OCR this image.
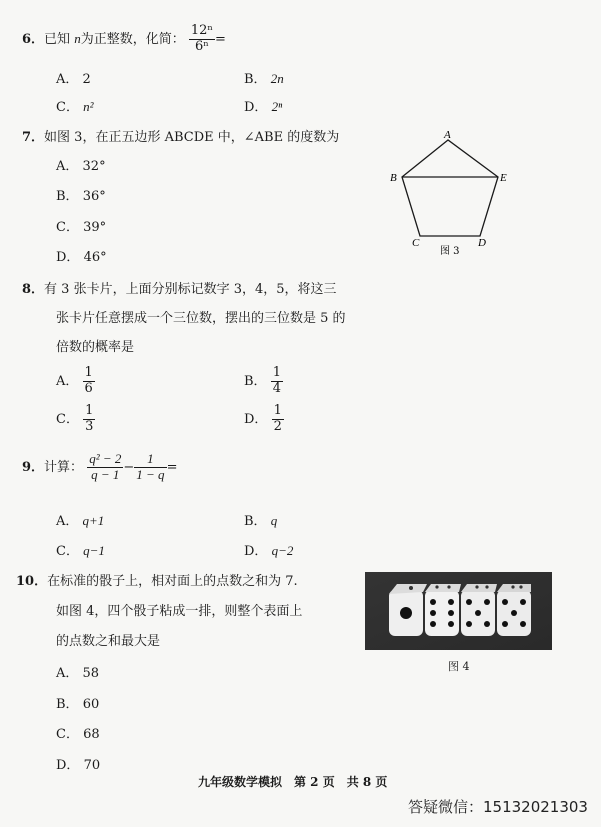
6．已知 n为正整数，化简： $\frac{\text{12ⁿ}}{\text{6ⁿ}}$ =
A． 2	B． 2n
C． n²	D． 2ⁿ
7．如图 3，在正五边形 ABCDE 中，∠ABE 的度数为
A． 32°
B． 36°
C． 39°
D． 46°
A
B	E
C	D
图 3
8．有 3 张卡片，上面分别标记数字 3，4，5，将这三
张卡片任意摆成一个三位数，摆出的三位数是 5 的
倍数的概率是
A． $\frac{1}{6}$	B． $\frac{1}{4}$
C． $\frac{1}{3}$	D． $\frac{1}{2}$
9．计算： $\frac{\text{q² − 2}}{q - 1} - \frac{1}{1 - q}$ =
A． q+1	B． q
C． q−1	D． q−2
10．在标准的骰子上，相对面上的点数之和为 7.
如图 4，四个骰子粘成一排，则整个表面上
的点数之和最大是
A． 58
B． 60
C． 68
D． 70
图 4
九年级数学模拟　第 2 页　共 8 页
答疑微信：15132021303
